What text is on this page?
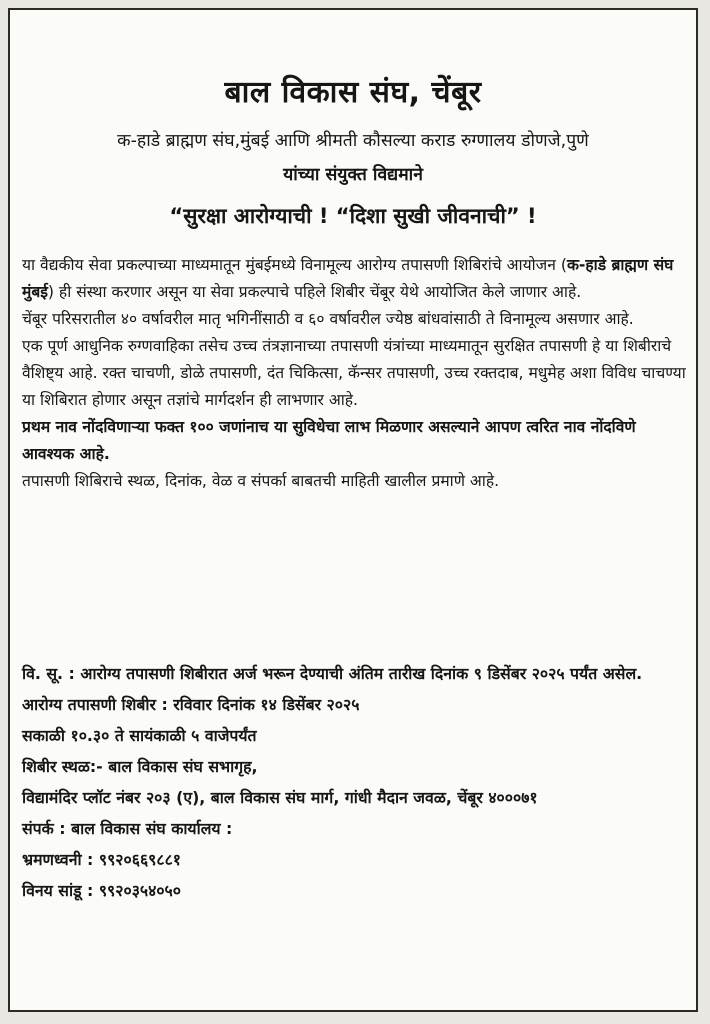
बाल विकास संघ, चेंबूर
क-हाडे ब्राह्मण संघ,मुंबई आणि श्रीमती कौसल्या कराड रुग्णालय डोणजे,पुणे
यांच्या संयुक्त विद्यमाने
“सुरक्षा आरोग्याची ! “दिशा सुखी जीवनाची” !

या वैद्यकीय सेवा प्रकल्पाच्या माध्यमातून मुंबईमध्ये विनामूल्य आरोग्य तपासणी शिबिरांचे आयोजन (क-हाडे ब्राह्मण संघ मुंबई) ही संस्था करणार असून या सेवा प्रकल्पाचे पहिले शिबीर चेंबूर येथे आयोजित केले जाणार आहे.

चेंबूर परिसरातील ४० वर्षावरील मातृ भगिनींसाठी व ६० वर्षावरील ज्येष्ठ बांधवांसाठी ते विनामूल्य असणार आहे.

एक पूर्ण आधुनिक रुग्णवाहिका तसेच उच्च तंत्रज्ञानाच्या तपासणी यंत्रांच्या माध्यमातून सुरक्षित तपासणी हे या शिबीराचे वैशिष्ट्य आहे. रक्त चाचणी, डोळे तपासणी, दंत चिकित्सा, कॅन्सर तपासणी, उच्च रक्तदाब, मधुमेह अशा विविध चाचण्या या शिबिरात होणार असून तज्ञांचे मार्गदर्शन ही लाभणार आहे.

प्रथम नाव नोंदविणाऱ्या फक्त १०० जणांनाच या सुविधेचा लाभ मिळणार असल्याने आपण त्वरित नाव नोंदविणे आवश्यक आहे.

तपासणी शिबिराचे स्थळ, दिनांक, वेळ व संपर्का बाबतची माहिती खालील प्रमाणे आहे.

वि. सू. : आरोग्य तपासणी शिबीरात अर्ज भरून देण्याची अंतिम तारीख दिनांक ९ डिसेंबर २०२५ पर्यंत असेल.

आरोग्य तपासणी शिबीर : रविवार दिनांक १४ डिसेंबर २०२५

सकाळी १०.३० ते सायंकाळी ५ वाजेपर्यंत

शिबीर स्थळ:- बाल विकास संघ सभागृह,

विद्यामंदिर प्लॉट नंबर २०३ (ए), बाल विकास संघ मार्ग, गांधी मैदान जवळ, चेंबूर ४०००७१

संपर्क : बाल विकास संघ कार्यालय :

भ्रमणध्वनी : ९९२०६६९८८१

विनय सांडू : ९९२०३५४०५०
